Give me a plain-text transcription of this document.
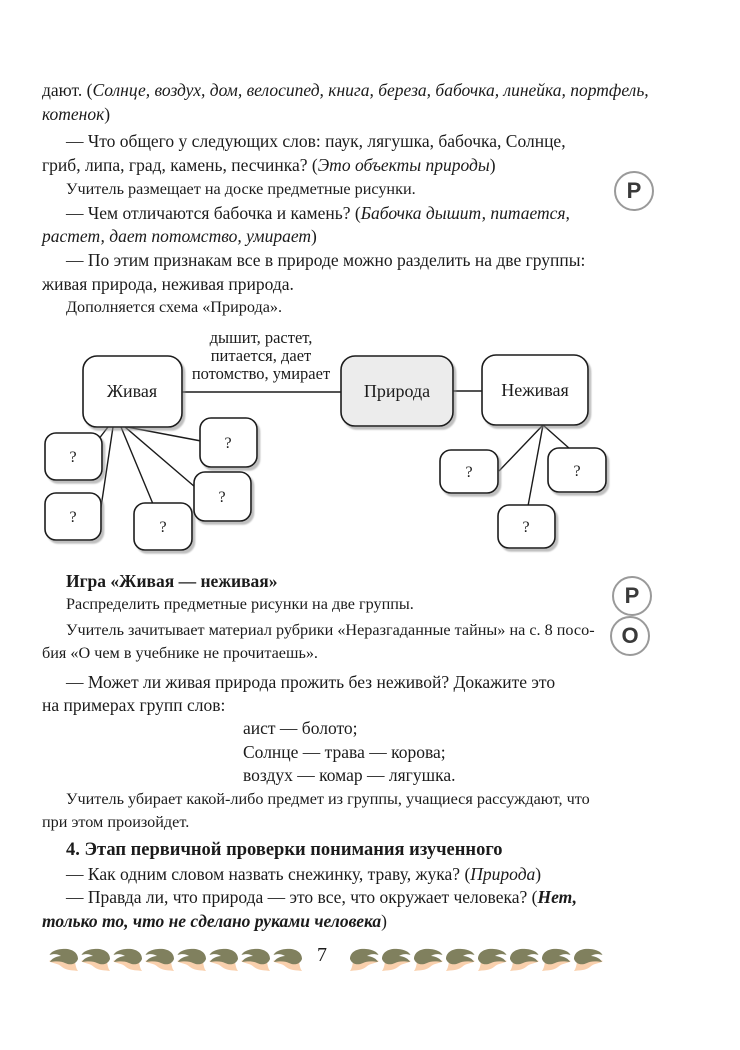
дают. (Солнце, воздух, дом, велосипед, книга, береза, бабочка, линейка, портфель,
котенок)
— Что общего у следующих слов: паук, лягушка, бабочка, Солнце,
гриб, липа, град, камень, песчинка? (Это объекты природы)
Учитель размещает на доске предметные рисунки.
— Чем отличаются бабочка и камень? (Бабочка дышит, питается,
растет, дает потомство, умирает)
— По этим признакам все в природе можно разделить на две группы:
живая природа, неживая природа.
Дополняется схема «Природа».
дышит, растет,
питается, дает
потомство, умирает
Живая	Природа	Неживая
?
?
?
?
?
?	?
?
Игра «Живая — неживая»
Распределить предметные рисунки на две группы.
Учитель зачитывает материал рубрики «Неразгаданные тайны» на с. 8 посо-
бия «О чем в учебнике не прочитаешь».
— Может ли живая природа прожить без неживой? Докажите это
на примерах групп слов:
аист — болото;
Солнце — трава — корова;
воздух — комар — лягушка.
Учитель убирает какой-либо предмет из группы, учащиеся рассуждают, что
при этом произойдет.
4. Этап первичной проверки понимания изученного
— Как одним словом назвать снежинку, траву, жука? (Природа)
— Правда ли, что природа — это все, что окружает человека? (Нет,
только то, что не сделано руками человека)
Р
Р
О
7
